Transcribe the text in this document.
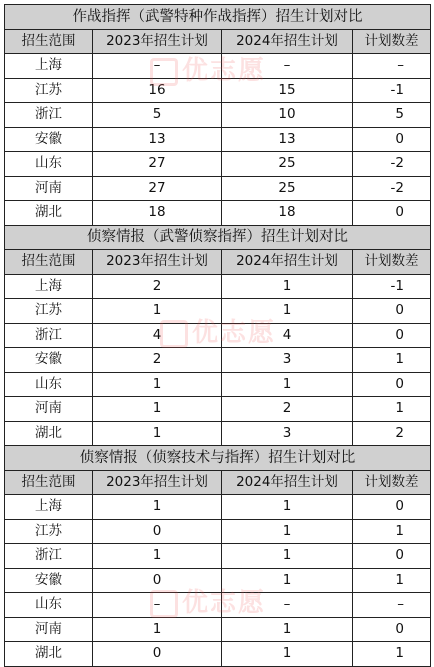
作战指挥（武警特种作战指挥）招生计划对比			
招生范围	2023年招生计划	2024年招生计划	计划数差
上海	–	–	–
江苏	16	15	-1
浙江	5	10	5
安徽	13	13	0
山东	27	25	-2
河南	27	25	-2
湖北	18	18	0
侦察情报（武警侦察指挥）招生计划对比			
招生范围	2023年招生计划	2024年招生计划	计划数差
上海	2	1	-1
江苏	1	1	0
浙江	4	4	0
安徽	2	3	1
山东	1	1	0
河南	1	2	1
湖北	1	3	2
侦察情报（侦察技术与指挥）招生计划对比			
招生范围	2023年招生计划	2024年招生计划	计划数差
上海	1	1	0
江苏	0	1	1
浙江	1	1	0
安徽	0	1	1
山东	–	–	–
河南	1	1	0
湖北	0	1	1
优志愿
优志愿
优志愿
